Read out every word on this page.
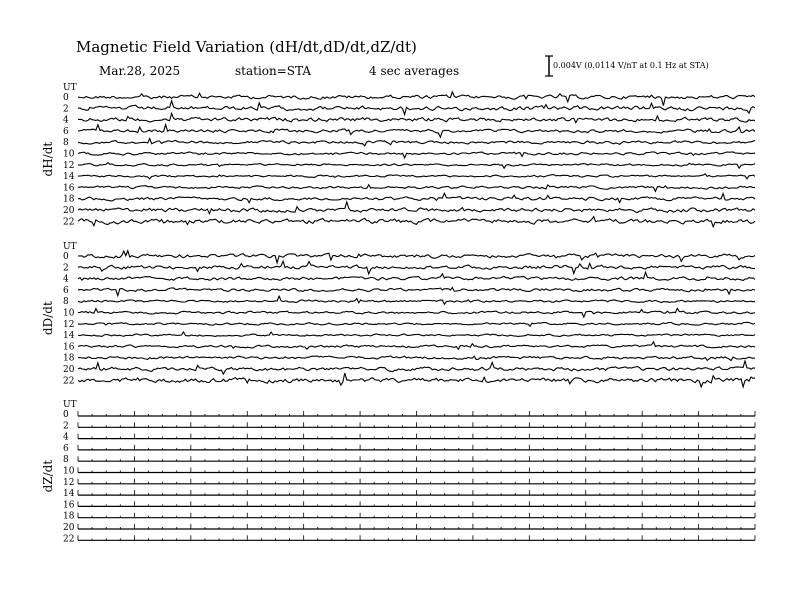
Magnetic Field Variation (dH/dt,dD/dt,dZ/dt)
Mar.28, 2025	station=STA	4 sec averages	0.004V (0.0114 V/nT at 0.1 Hz at STA)
UT
dH/dt
0
2
4
6
8
10
12
14
16
18
20
22
UT
dD/dt
0
2
4
6
8
10
12
14
16
18
20
22
UT
dZ/dt
0
2
4
6
8
10
12
14
16
18
20
22
